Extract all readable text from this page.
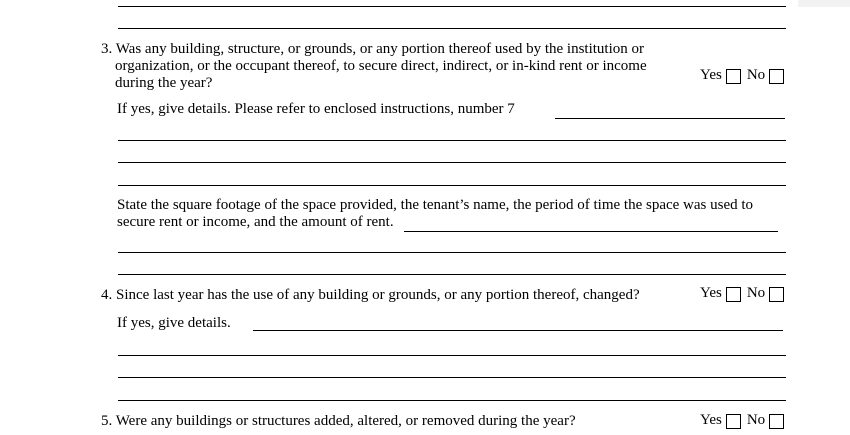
3. Was any building, structure, or grounds, or any portion thereof used by the institution or
organization, or the occupant thereof, to secure direct, indirect, or in-kind rent or income
during the year?	Yes No
If yes, give details. Please refer to enclosed instructions, number 7
State the square footage of the space provided, the tenant’s name, the period of time the space was used to
secure rent or income, and the amount of rent.
4. Since last year has the use of any building or grounds, or any portion thereof, changed?	Yes No
If yes, give details.
5. Were any buildings or structures added, altered, or removed during the year?	Yes No
